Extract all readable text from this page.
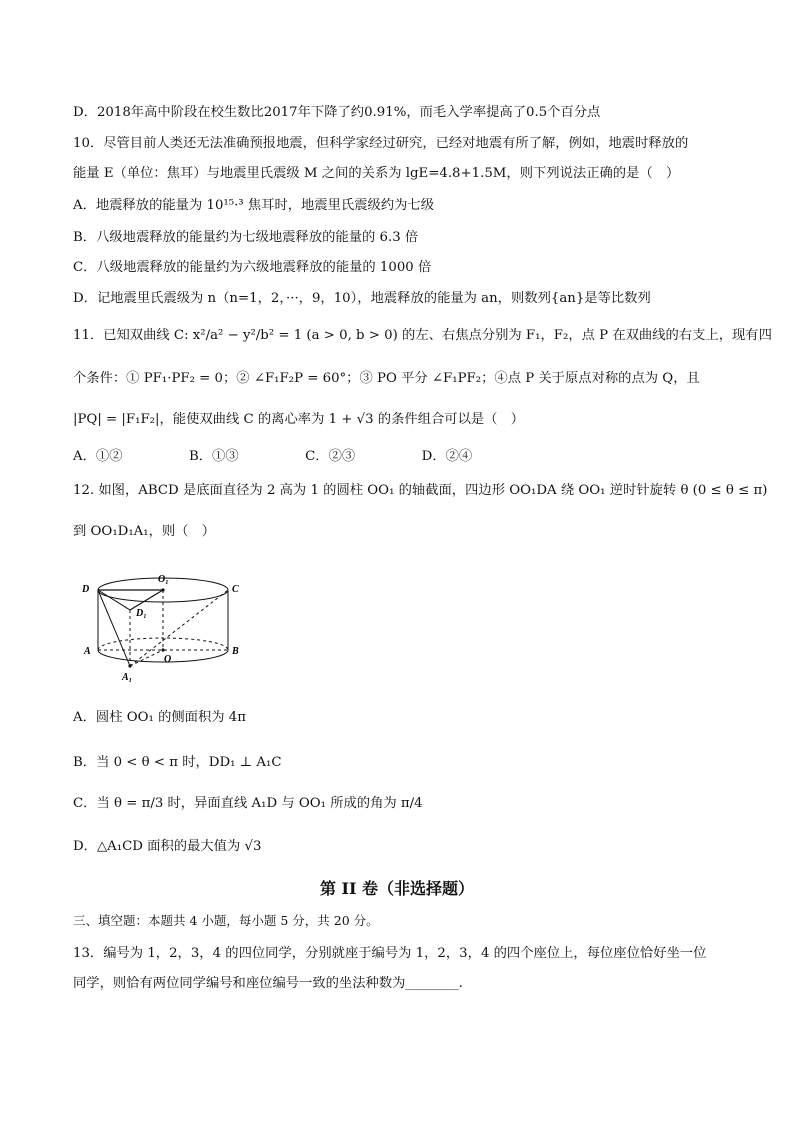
D．2018年高中阶段在校生数比2017年下降了约0.91%，而毛入学率提高了0.5个百分点
10．尽管目前人类还无法准确预报地震，但科学家经过研究，已经对地震有所了解，例如，地震时释放的
能量 E（单位：焦耳）与地震里氏震级 M 之间的关系为 lgE=4.8+1.5M，则下列说法正确的是（　）
A．地震释放的能量为 10¹⁵·³ 焦耳时，地震里氏震级约为七级
B．八级地震释放的能量约为七级地震释放的能量的 6.3 倍
C．八级地震释放的能量约为六级地震释放的能量的 1000 倍
D．记地震里氏震级为 n（n=1，2，···，9，10），地震释放的能量为 an，则数列{an}是等比数列
11．已知双曲线 C: x²/a² − y²/b² = 1 (a > 0, b > 0) 的左、右焦点分别为 F₁，F₂，点 P 在双曲线的右支上，现有四
个条件：① PF₁·PF₂ = 0；② ∠F₁F₂P = 60°；③ PO 平分 ∠F₁PF₂；④点 P 关于原点对称的点为 Q，且
|PQ| = |F₁F₂|，能使双曲线 C 的离心率为 1 + √3 的条件组合可以是（　）
A．①②　　　　　B．①③　　　　　C．②③　　　　　D．②④
12. 如图，ABCD 是底面直径为 2 高为 1 的圆柱 OO₁ 的轴截面，四边形 OO₁DA 绕 OO₁ 逆时针旋转 θ (0 ≤ θ ≤ π)
到 OO₁D₁A₁，则（　）
D
O₁
C
D₁
A
O
B
A₁
A．圆柱 OO₁ 的侧面积为 4π
B．当 0 < θ < π 时，DD₁ ⊥ A₁C
C．当 θ = π/3 时，异面直线 A₁D 与 OO₁ 所成的角为 π/4
D．△A₁CD 面积的最大值为 √3
第 II 卷（非选择题）
三、填空题：本题共 4 小题，每小题 5 分，共 20 分。
13．编号为 1，2，3，4 的四位同学，分别就座于编号为 1，2，3，4 的四个座位上，每位座位恰好坐一位
同学，则恰有两位同学编号和座位编号一致的坐法种数为________.
